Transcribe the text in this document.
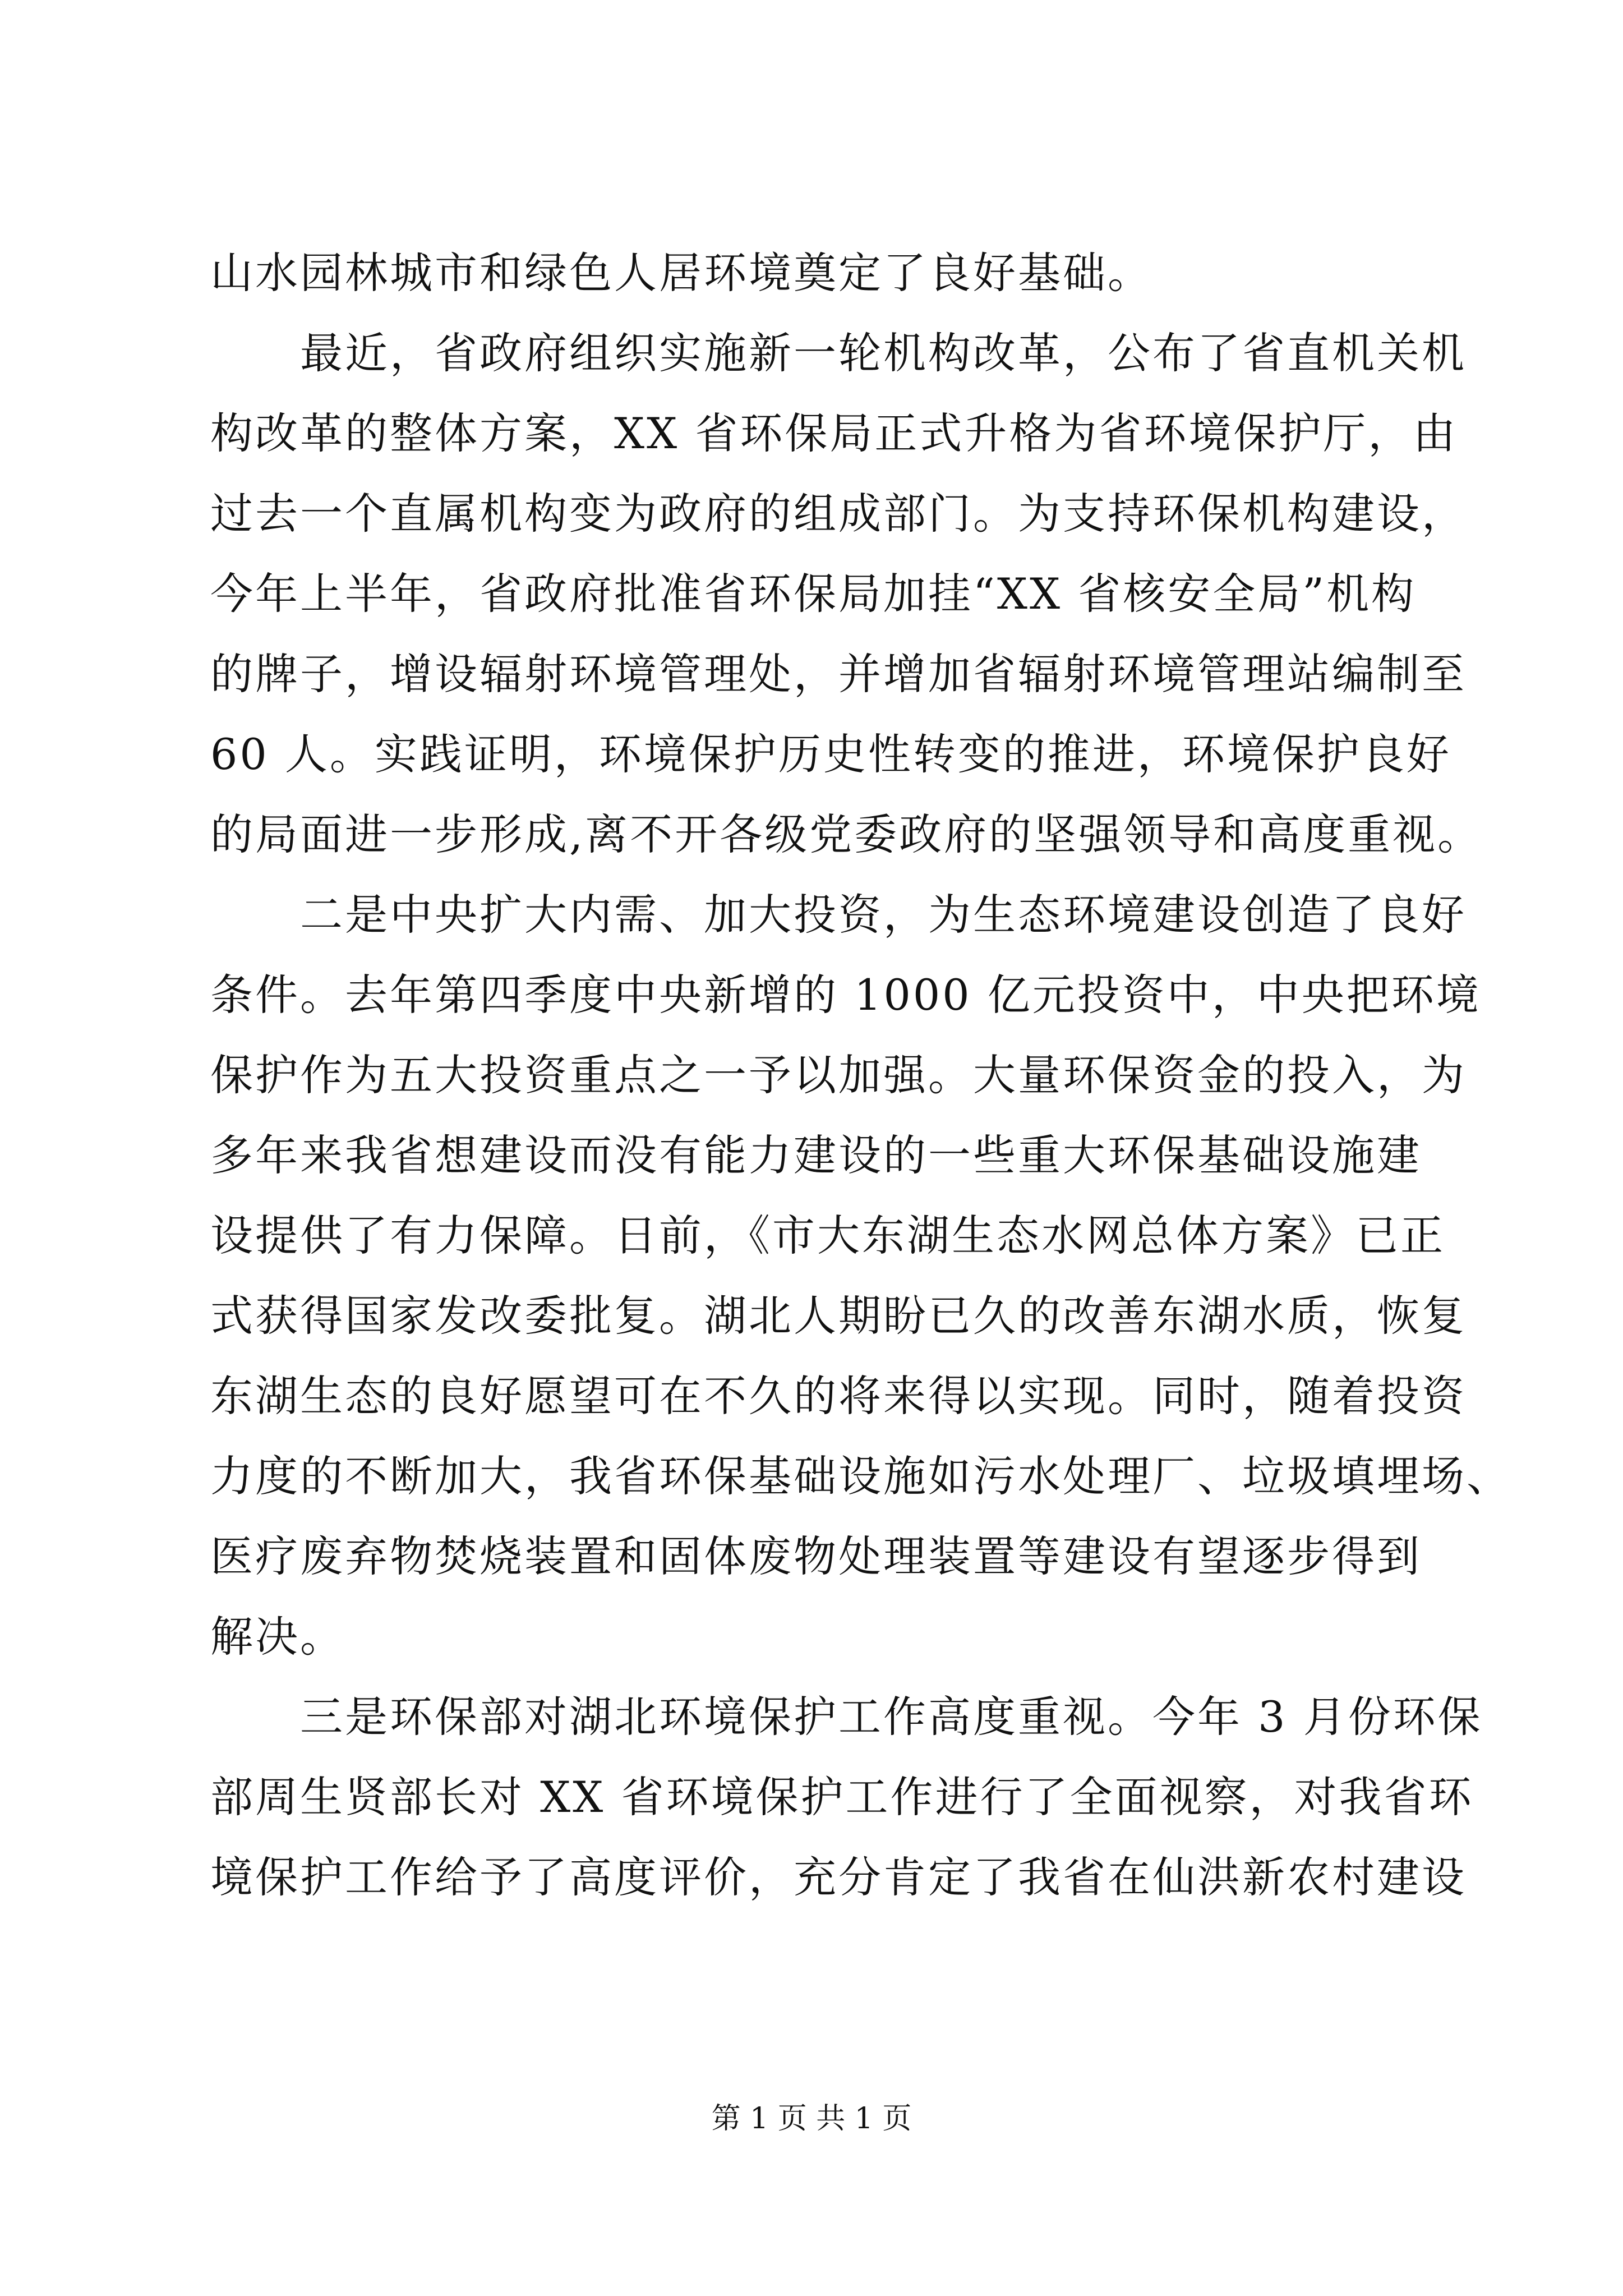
山水园林城市和绿色人居环境奠定了良好基础。
　　最近，省政府组织实施新一轮机构改革，公布了省直机关机
构改革的整体方案，XX 省环保局正式升格为省环境保护厅，由
过去一个直属机构变为政府的组成部门。为支持环保机构建设，
今年上半年，省政府批准省环保局加挂“XX 省核安全局”机构
的牌子，增设辐射环境管理处，并增加省辐射环境管理站编制至
60 人。实践证明，环境保护历史性转变的推进，环境保护良好
的局面进一步形成,离不开各级党委政府的坚强领导和高度重视。
　　二是中央扩大内需、加大投资，为生态环境建设创造了良好
条件。去年第四季度中央新增的 1000 亿元投资中，中央把环境
保护作为五大投资重点之一予以加强。大量环保资金的投入，为
多年来我省想建设而没有能力建设的一些重大环保基础设施建
设提供了有力保障。日前，《市大东湖生态水网总体方案》已正
式获得国家发改委批复。湖北人期盼已久的改善东湖水质，恢复
东湖生态的良好愿望可在不久的将来得以实现。同时，随着投资
力度的不断加大，我省环保基础设施如污水处理厂、垃圾填埋场、
医疗废弃物焚烧装置和固体废物处理装置等建设有望逐步得到
解决。
　　三是环保部对湖北环境保护工作高度重视。今年 3 月份环保
部周生贤部长对 XX 省环境保护工作进行了全面视察，对我省环
境保护工作给予了高度评价，充分肯定了我省在仙洪新农村建设
第 1 页 共 1 页
